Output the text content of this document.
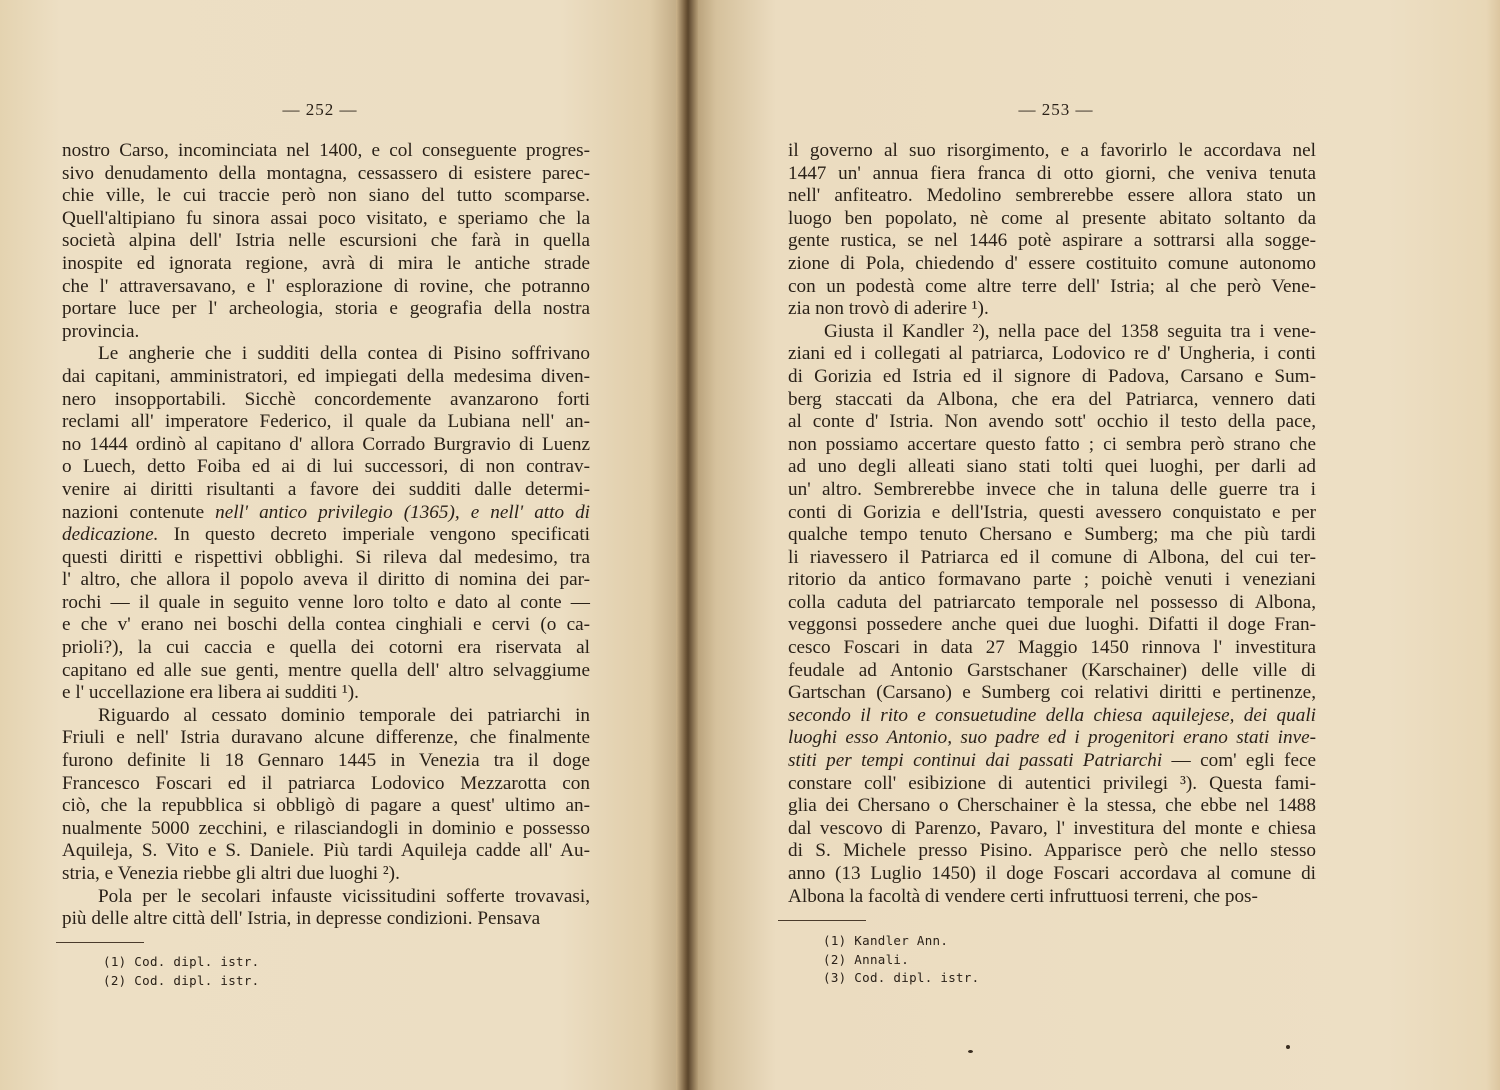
— 252 —
nostro Carso, incominciata nel 1400, e col conseguente progres-
sivo denudamento della montagna, cessassero di esistere parec-
chie ville, le cui traccie però non siano del tutto scomparse.
Quell'altipiano fu sinora assai poco visitato, e speriamo che la
società alpina dell' Istria nelle escursioni che farà in quella
inospite ed ignorata regione, avrà di mira le antiche strade
che l' attraversavano, e l' esplorazione di rovine, che potranno
portare luce per l' archeologia, storia e geografia della nostra
provincia.
Le angherie che i sudditi della contea di Pisino soffrivano
dai capitani, amministratori, ed impiegati della medesima diven-
nero insopportabili. Sicchè concordemente avanzarono forti
reclami all' imperatore Federico, il quale da Lubiana nell' an-
no 1444 ordinò al capitano d' allora Corrado Burgravio di Luenz
o Luech, detto Foiba ed ai di lui successori, di non contrav-
venire ai diritti risultanti a favore dei sudditi dalle determi-
nazioni contenute nell' antico privilegio (1365), e nell' atto di
dedicazione. In questo decreto imperiale vengono specificati
questi diritti e rispettivi obblighi. Si rileva dal medesimo, tra
l' altro, che allora il popolo aveva il diritto di nomina dei par-
rochi — il quale in seguito venne loro tolto e dato al conte —
e che v' erano nei boschi della contea cinghiali e cervi (o ca-
prioli?), la cui caccia e quella dei cotorni era riservata al
capitano ed alle sue genti, mentre quella dell' altro selvaggiume
e l' uccellazione era libera ai sudditi ¹).
Riguardo al cessato dominio temporale dei patriarchi in
Friuli e nell' Istria duravano alcune differenze, che finalmente
furono definite li 18 Gennaro 1445 in Venezia tra il doge
Francesco Foscari ed il patriarca Lodovico Mezzarotta con
ciò, che la repubblica si obbligò di pagare a quest' ultimo an-
nualmente 5000 zecchini, e rilasciandogli in dominio e possesso
Aquileja, S. Vito e S. Daniele. Più tardi Aquileja cadde all' Au-
stria, e Venezia riebbe gli altri due luoghi ²).
Pola per le secolari infauste vicissitudini sofferte trovavasi,
più delle altre città dell' Istria, in depresse condizioni. Pensava
(1) Cod. dipl. istr.
(2) Cod. dipl. istr.
— 253 —
il governo al suo risorgimento, e a favorirlo le accordava nel
1447 un' annua fiera franca di otto giorni, che veniva tenuta
nell' anfiteatro. Medolino sembrerebbe essere allora stato un
luogo ben popolato, nè come al presente abitato soltanto da
gente rustica, se nel 1446 potè aspirare a sottrarsi alla sogge-
zione di Pola, chiedendo d' essere costituito comune autonomo
con un podestà come altre terre dell' Istria; al che però Vene-
zia non trovò di aderire ¹).
Giusta il Kandler ²), nella pace del 1358 seguita tra i vene-
ziani ed i collegati al patriarca, Lodovico re d' Ungheria, i conti
di Gorizia ed Istria ed il signore di Padova, Carsano e Sum-
berg staccati da Albona, che era del Patriarca, vennero dati
al conte d' Istria. Non avendo sott' occhio il testo della pace,
non possiamo accertare questo fatto ; ci sembra però strano che
ad uno degli alleati siano stati tolti quei luoghi, per darli ad
un' altro. Sembrerebbe invece che in taluna delle guerre tra i
conti di Gorizia e dell'Istria, questi avessero conquistato e per
qualche tempo tenuto Chersano e Sumberg; ma che più tardi
li riavessero il Patriarca ed il comune di Albona, del cui ter-
ritorio da antico formavano parte ; poichè venuti i veneziani
colla caduta del patriarcato temporale nel possesso di Albona,
veggonsi possedere anche quei due luoghi. Difatti il doge Fran-
cesco Foscari in data 27 Maggio 1450 rinnova l' investitura
feudale ad Antonio Garstschaner (Karschainer) delle ville di
Gartschan (Carsano) e Sumberg coi relativi diritti e pertinenze,
secondo il rito e consuetudine della chiesa aquilejese, dei quali
luoghi esso Antonio, suo padre ed i progenitori erano stati inve-
stiti per tempi continui dai passati Patriarchi — com' egli fece
constare coll' esibizione di autentici privilegi ³). Questa fami-
glia dei Chersano o Cherschainer è la stessa, che ebbe nel 1488
dal vescovo di Parenzo, Pavaro, l' investitura del monte e chiesa
di S. Michele presso Pisino. Apparisce però che nello stesso
anno (13 Luglio 1450) il doge Foscari accordava al comune di
Albona la facoltà di vendere certi infruttuosi terreni, che pos-
(1) Kandler Ann.
(2) Annali.
(3) Cod. dipl. istr.
